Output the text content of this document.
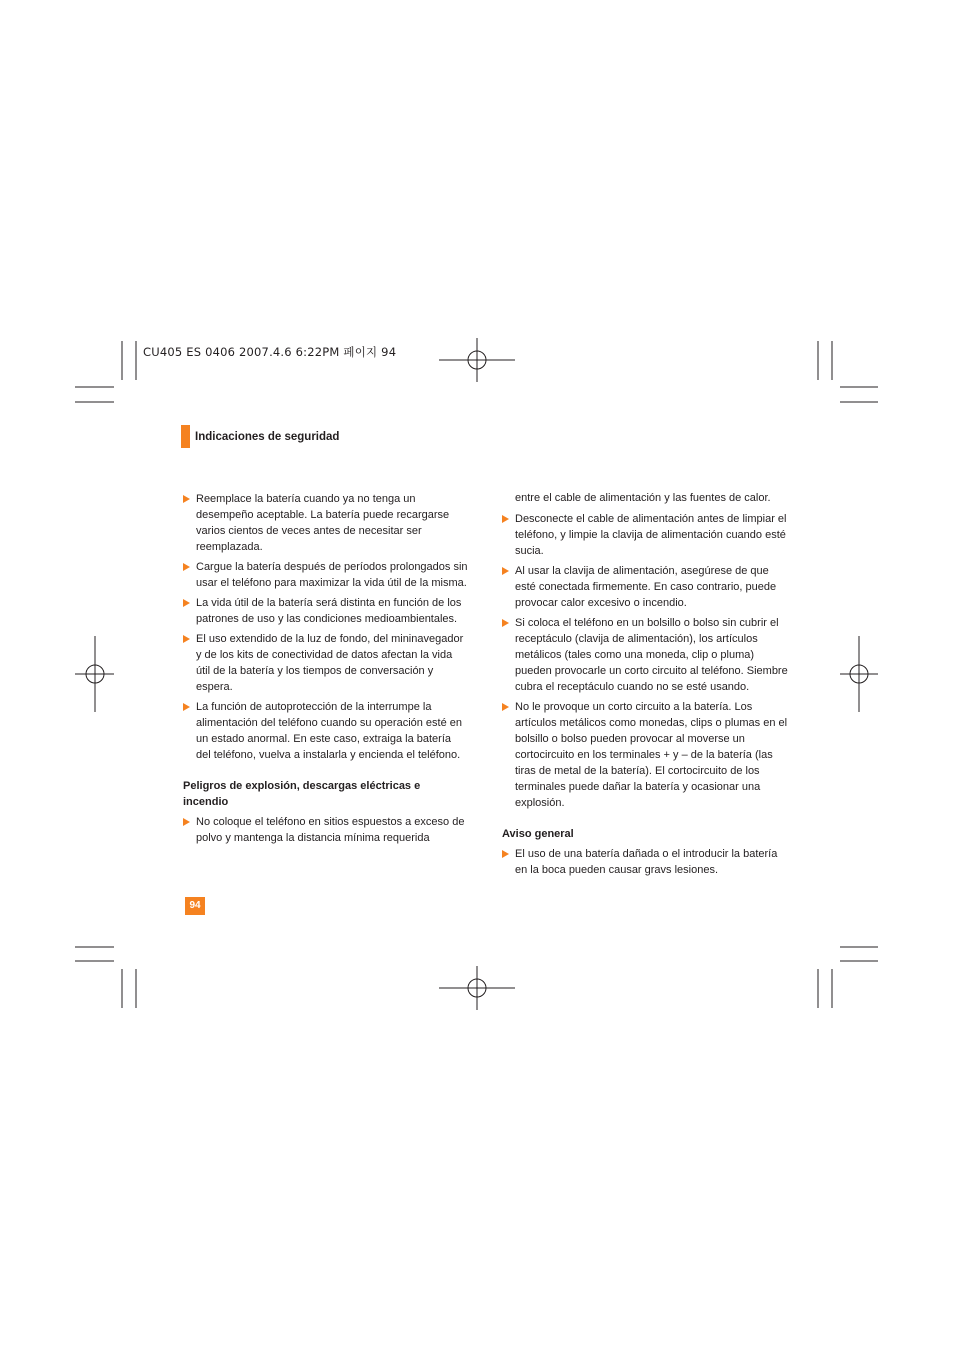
CU405 ES 0406 2007.4.6 6:22PM 페이지 94
Indicaciones de seguridad
Reemplace la batería cuando ya no tenga un desempeño aceptable. La batería puede recargarse varios cientos de veces antes de necesitar ser reemplazada.
Cargue la batería después de períodos prolongados sin usar el teléfono para maximizar la vida útil de la misma.
La vida útil de la batería será distinta en función de los patrones de uso y las condiciones medioambientales.
El uso extendido de la luz de fondo, del mininavegador y de los kits de conectividad de datos afectan la vida útil de la batería y los tiempos de conversación y espera.
La función de autoprotección de la interrumpe la alimentación del teléfono cuando su operación esté en un estado anormal. En este caso, extraiga la batería del teléfono, vuelva a instalarla y encienda el teléfono.
Peligros de explosión, descargas eléctricas e incendio
No coloque el teléfono en sitios espuestos a exceso de polvo y mantenga la distancia mínima requerida
entre el cable de alimentación y las fuentes de calor.
Desconecte el cable de alimentación antes de limpiar el teléfono, y limpie la clavija de alimentación cuando esté sucia.
Al usar la clavija de alimentación, asegúrese de que esté conectada firmemente. En caso contrario, puede provocar calor excesivo o incendio.
Si coloca el teléfono en un bolsillo o bolso sin cubrir el receptáculo (clavija de alimentación), los artículos metálicos (tales como una moneda, clip o pluma) pueden provocarle un corto circuito al teléfono. Siembre cubra el receptáculo cuando no se esté usando.
No le provoque un corto circuito a la batería. Los artículos metálicos como monedas, clips o plumas en el bolsillo o bolso pueden provocar al moverse un cortocircuito en los terminales + y – de la batería (las tiras de metal de la batería). El cortocircuito de los terminales puede dañar la batería y ocasionar una explosión.
Aviso general
El uso de una batería dañada o el introducir la batería en la boca pueden causar gravs lesiones.
94
